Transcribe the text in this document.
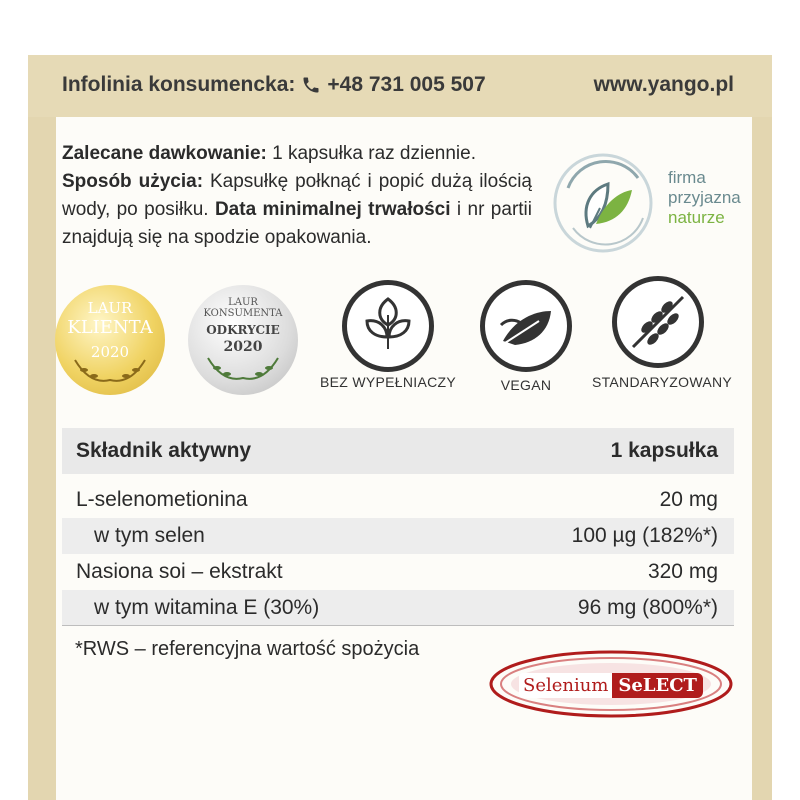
Infolinia konsumencka: +48 731 005 507	www.yango.pl
Zalecane dawkowanie: 1 kapsułka raz dziennie.
Sposób użycia: Kapsułkę połknąć i popić dużą ilością wody, po posiłku. Data minimalnej trwałości i nr partii znajdują się na spodzie opakowania.
firma
przyjazna
naturze
LAUR
KLIENTA
2020
LAUR KONSUMENTA
ODKRYCIE
2020
BEZ WYPEŁNIACZY	VEGAN	STANDARYZOWANY
Składnik aktywny	1 kapsułka
L-selenometionina	20 mg
w tym selen	100 µg (182%*)
Nasiona soi – ekstrakt	320 mg
w tym witamina E (30%)	96 mg (800%*)
*RWS – referencyjna wartość spożycia
Selenium SeLECT
